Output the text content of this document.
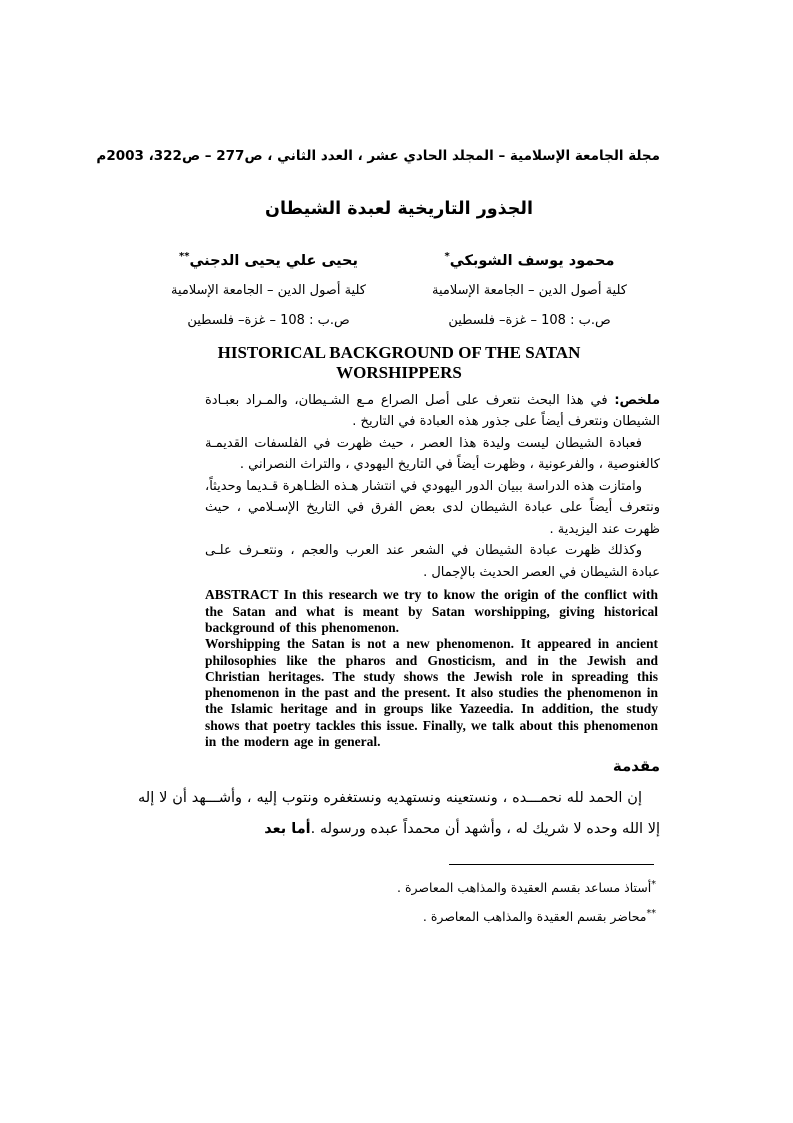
مجلة الجامعة الإسلامية – المجلد الحادي عشر ، العدد الثاني ، ص277 – ص322، 2003م
الجذور التاريخية لعبدة الشيطان
محمود يوسف الشوبكي*
كلية أصول الدين – الجامعة الإسلامية
ص.ب : 108 – غزة– فلسطين
يحيى علي يحيى الدجني**
كلية أصول الدين – الجامعة الإسلامية
ص.ب : 108 – غزة– فلسطين
HISTORICAL BACKGROUND OF THE SATAN
WORSHIPPERS

ملخص: في هذا البحث نتعرف على أصل الصراع مـع الشـيطان، والمـراد بعبـادة الشيطان ونتعرف أيضاً على جذور هذه العبادة في التاريخ .

فعبادة الشيطان ليست وليدة هذا العصر ، حيث ظهرت في الفلسفات القديمـة كالغنوصية ، والفرعونية ، وظهرت أيضاً في التاريخ اليهودي ، والتراث النصراني .

وامتازت هذه الدراسة ببيان الدور اليهودي في انتشار هـذه الظـاهرة قـديما وحديثاً، ونتعرف أيضاً على عبادة الشيطان لدى بعض الفرق في التاريخ الإسـلامي ، حيث ظهرت عند اليزيدية .

وكذلك ظهرت عبادة الشيطان في الشعر عند العرب والعجم ، ونتعـرف علـى عبادة الشيطان في العصر الحديث بالإجمال .

ABSTRACT In this research we try to know the origin of the conflict with the Satan and what is meant by Satan worshipping, giving historical background of this phenomenon.

Worshipping the Satan is not a new phenomenon. It appeared in ancient philosophies like the pharos and Gnosticism, and in the Jewish and Christian heritages. The study shows the Jewish role in spreading this phenomenon in the past and the present. It also studies the phenomenon in the Islamic heritage and in groups like Yazeedia. In addition, the study shows that poetry tackles this issue. Finally, we talk about this phenomenon in the modern age in general.

مقدمة
إن الحمد لله نحمـــده ، ونستعينه ونستهديه ونستغفره ونتوب إليه ، وأشـــهد أن لا إله إلا الله وحده لا شريك له ، وأشهد أن محمداً عبده ورسوله .أما بعد
*أستاذ مساعد بقسم العقيدة والمذاهب المعاصرة .
**محاضر بقسم العقيدة والمذاهب المعاصرة .
